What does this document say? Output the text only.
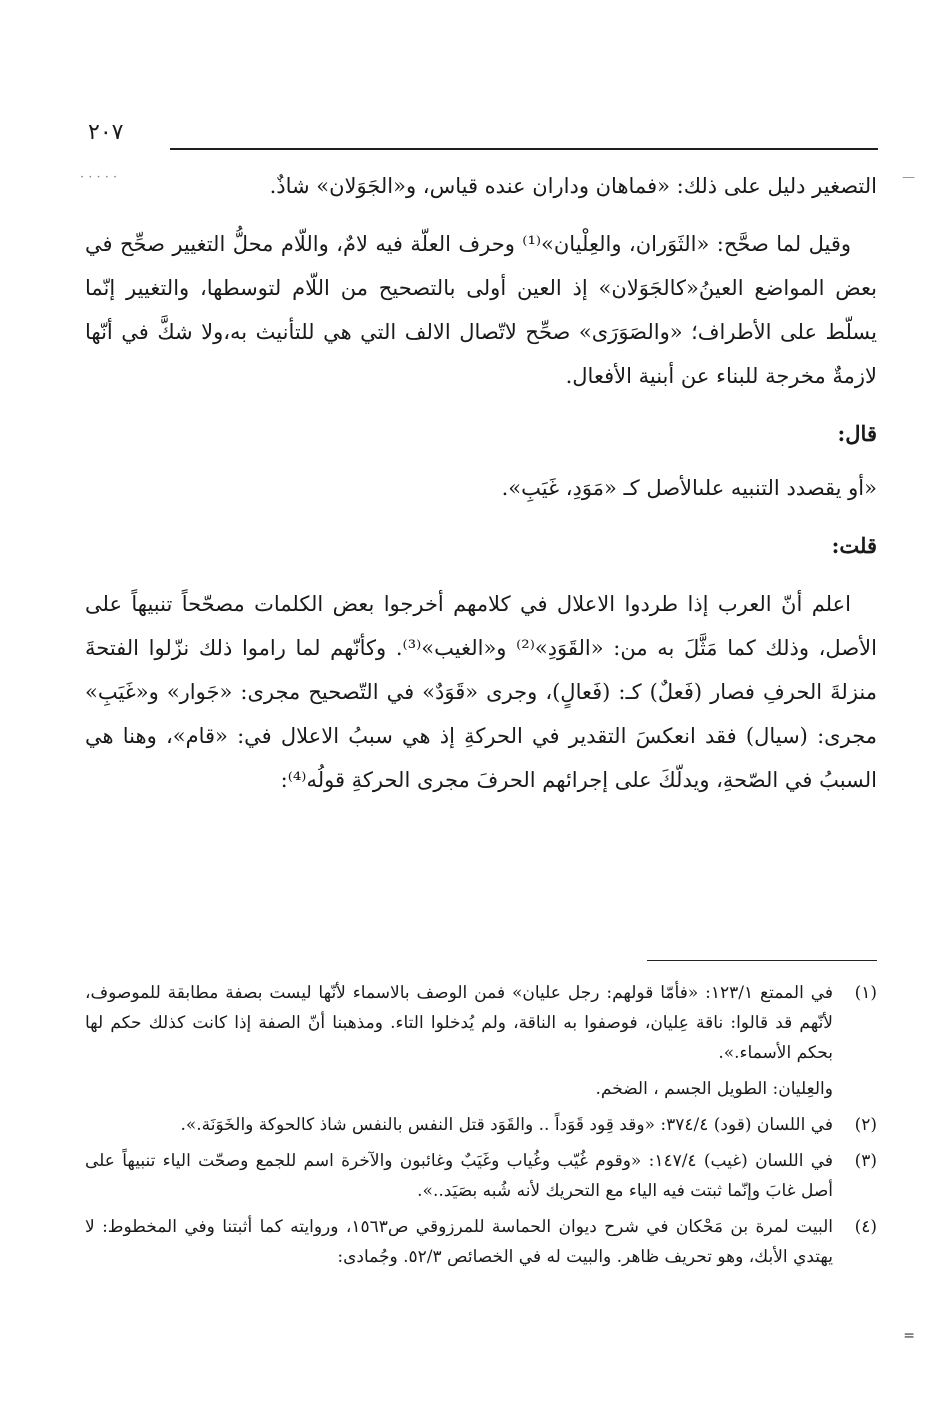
· · · · ·	—
=
٢٠٧

التصغير دليل على ذلك: «فماهان وداران عنده قياس، و«الجَوَلان» شاذٌ.

وقيل لما صحَّح: «الثَوَران، والعِلْيان»⁽¹⁾ وحرف العلّة فيه لامٌ، واللّام محلُّ التغيير صحِّح في بعض المواضع العينُ«كالجَوَلان» إذ العين أولى بالتصحيح من اللّام لتوسطها، والتغيير إنّما يسلّط على الأطراف؛ «والصَوَرَى» صحِّح لاتّصال الالف التي هي للتأنيث به،ولا شكَّ في أنّها لازمةٌ مخرجة للبناء عن أبنية الأفعال.

قال:

«أو يقصدد التنبيه علىالأصل كـ «مَوَدِ، غَيَبِ».

قلت:

اعلم أنّ العرب إذا طردوا الاعلال في كلامهم أخرجوا بعض الكلمات مصحّحاً تنبيهاً على الأصل، وذلك كما مَثَّلَ به من: «القَوَدِ»⁽²⁾ و«الغيب»⁽³⁾. وكأنّهم لما راموا ذلك نزّلوا الفتحةَ منزلةَ الحرفِ فصار (فَعلٌ) كـ: (فَعالٍ)، وجرى «قَوَدٌ» في التّصحيح مجرى: «جَوار» و«غَيَبِ» مجرى: (سيال) فقد انعكسَ التقدير في الحركةِ إذ هي سببُ الاعلال في: «قام»، وهنا هي السببُ في الصّحةِ، ويدلّكَ على إجرائهم الحرفَ مجرى الحركةِ قولُه⁽⁴⁾:

(١)
في الممتع ١٢٣/١: «فأمّا قولهم: رجل عليان» فمن الوصف بالاسماء لأنّها ليست بصفة مطابقة للموصوف، لأنّهم قد قالوا: ناقة عِليان، فوصفوا به الناقة، ولم يُدخلوا التاء. ومذهبنا أنّ الصفة إذا كانت كذلك حكم لها بحكم الأسماء.».
والعِليان: الطويل الجسم ، الضخم.
(٢)
في اللسان (قود) ٣٧٤/٤: «وقد قِود قَوَداً .. والقَوَد قتل النفس بالنفس شاذ كالحوكة والخَوَنَة.».
(٣)
في اللسان (غيب) ١٤٧/٤: «وقوم غُيّب وغُياب وغَيَبٌ وغائبون والآخرة اسم للجمع وصحّت الياء تنبيهاً على أصل غابَ وإنّما ثبتت فيه الياء مع التحريك لأنه شُبه بصَيَد..».
(٤)
البيت لمرة بن مَحْكان في شرح ديوان الحماسة للمرزوقي ص١٥٦٣، وروايته كما أثبتنا وفي المخطوط: لا يهتدي الأبك، وهو تحريف ظاهر. والبيت له في الخصائص ٥٢/٣. وجُمادى:
